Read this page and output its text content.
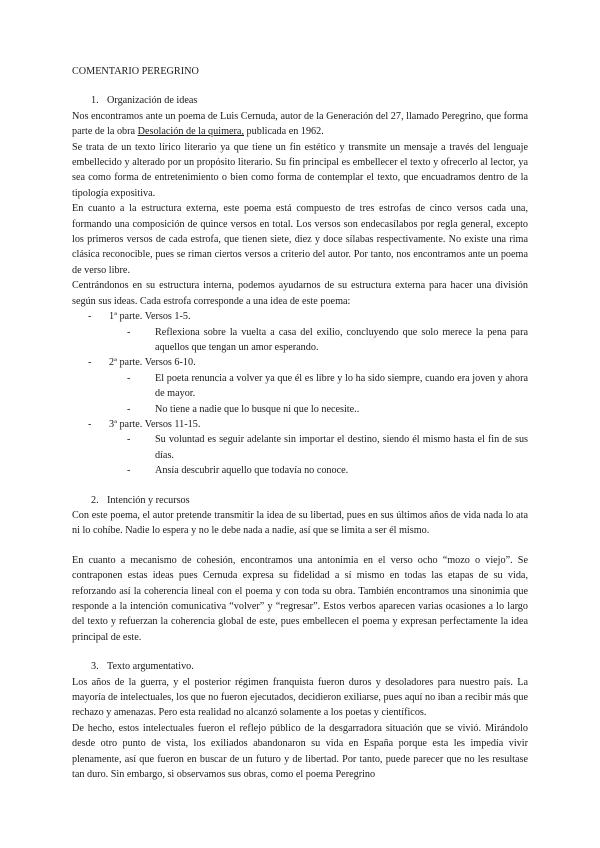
COMENTARIO PEREGRINO

1. Organización de ideas

Nos encontramos ante un poema de Luis Cernuda, autor de la Generación del 27, llamado Peregrino, que forma parte de la obra Desolación de la quimera, publicada en 1962.

Se trata de un texto lírico literario ya que tiene un fin estético y transmite un mensaje a través del lenguaje embellecido y alterado por un propósito literario. Su fin principal es embellecer el texto y ofrecerlo al lector, ya sea como forma de entretenimiento o bien como forma de contemplar el texto, que encuadramos dentro de la tipología expositiva.

En cuanto a la estructura externa, este poema está compuesto de tres estrofas de cinco versos cada una, formando una composición de quince versos en total. Los versos son endecasílabos por regla general, excepto los primeros versos de cada estrofa, que tienen siete, diez y doce sílabas respectivamente. No existe una rima clásica reconocible, pues se riman ciertos versos a criterio del autor. Por tanto, nos encontramos ante un poema de verso libre.

Centrándonos en su estructura interna, podemos ayudarnos de su estructura externa para hacer una división según sus ideas. Cada estrofa corresponde a una idea de este poema:

- 1ª parte. Versos 1-5.
- Reflexiona sobre la vuelta a casa del exilio, concluyendo que solo merece la pena para aquellos que tengan un amor esperando.
- 2ª parte. Versos 6-10.
- El poeta renuncia a volver ya que él es libre y lo ha sido siempre, cuando era joven y ahora de mayor.
- No tiene a nadie que lo busque ni que lo necesite..
- 3ª parte. Versos 11-15.
- Su voluntad es seguir adelante sin importar el destino, siendo él mismo hasta el fin de sus días.
- Ansía descubrir aquello que todavía no conoce.

2. Intención y recursos

Con este poema, el autor pretende transmitir la idea de su libertad, pues en sus últimos años de vida nada lo ata ni lo cohíbe. Nadie lo espera y no le debe nada a nadie, así que se limita a ser él mismo.

En cuanto a mecanismo de cohesión, encontramos una antonimia en el verso ocho “mozo o viejo”. Se contraponen estas ideas pues Cernuda expresa su fidelidad a sí mismo en todas las etapas de su vida, reforzando así la coherencia lineal con el poema y con toda su obra. También encontramos una sinonimia que responde a la intención comunicativa “volver” y “regresar”. Estos verbos aparecen varias ocasiones a lo largo del texto y refuerzan la coherencia global de este, pues embellecen el poema y expresan perfectamente la idea principal de este.

3. Texto argumentativo.

Los años de la guerra, y el posterior régimen franquista fueron duros y desoladores para nuestro país. La mayoría de intelectuales, los que no fueron ejecutados, decidieron exiliarse, pues aquí no iban a recibir más que rechazo y amenazas. Pero esta realidad no alcanzó solamente a los poetas y científicos.

De hecho, estos intelectuales fueron el reflejo público de la desgarradora situación que se vivió. Mirándolo desde otro punto de vista, los exiliados abandonaron su vida en España porque esta les impedía vivir plenamente, así que fueron en buscar de un futuro y de libertad. Por tanto, puede parecer que no les resultase tan duro. Sin embargo, si observamos sus obras, como el poema Peregrino
